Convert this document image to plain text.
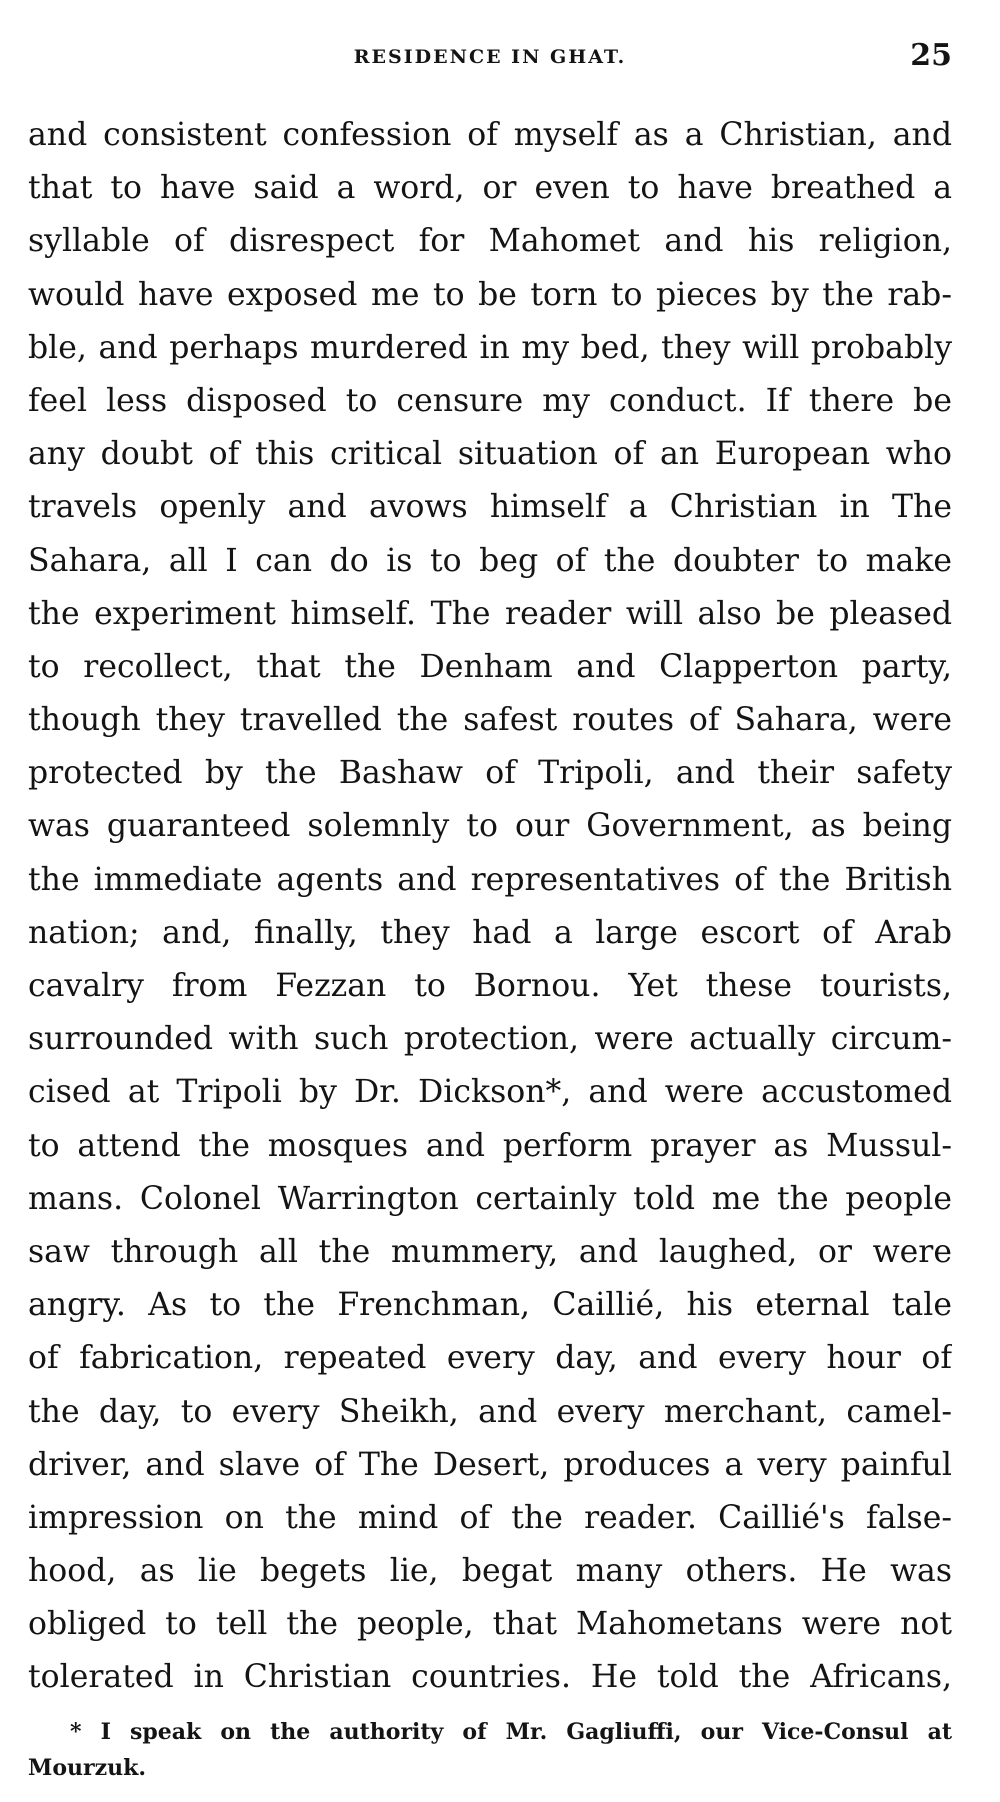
RESIDENCE IN GHAT.	25
and consistent confession of myself as a Christian, and
that to have said a word, or even to have breathed a
syllable of disrespect for Mahomet and his religion,
would have exposed me to be torn to pieces by the rab-
ble, and perhaps murdered in my bed, they will probably
feel less disposed to censure my conduct. If there be
any doubt of this critical situation of an European who
travels openly and avows himself a Christian in The
Sahara, all I can do is to beg of the doubter to make
the experiment himself. The reader will also be pleased
to recollect, that the Denham and Clapperton party,
though they travelled the safest routes of Sahara, were
protected by the Bashaw of Tripoli, and their safety
was guaranteed solemnly to our Government, as being
the immediate agents and representatives of the British
nation; and, finally, they had a large escort of Arab
cavalry from Fezzan to Bornou. Yet these tourists,
surrounded with such protection, were actually circum-
cised at Tripoli by Dr. Dickson*, and were accustomed
to attend the mosques and perform prayer as Mussul-
mans. Colonel Warrington certainly told me the people
saw through all the mummery, and laughed, or were
angry. As to the Frenchman, Caillié, his eternal tale
of fabrication, repeated every day, and every hour of
the day, to every Sheikh, and every merchant, camel-
driver, and slave of The Desert, produces a very painful
impression on the mind of the reader. Caillié's false-
hood, as lie begets lie, begat many others. He was
obliged to tell the people, that Mahometans were not
tolerated in Christian countries. He told the Africans,
* I speak on the authority of Mr. Gagliuffi, our Vice-Consul at
Mourzuk.
